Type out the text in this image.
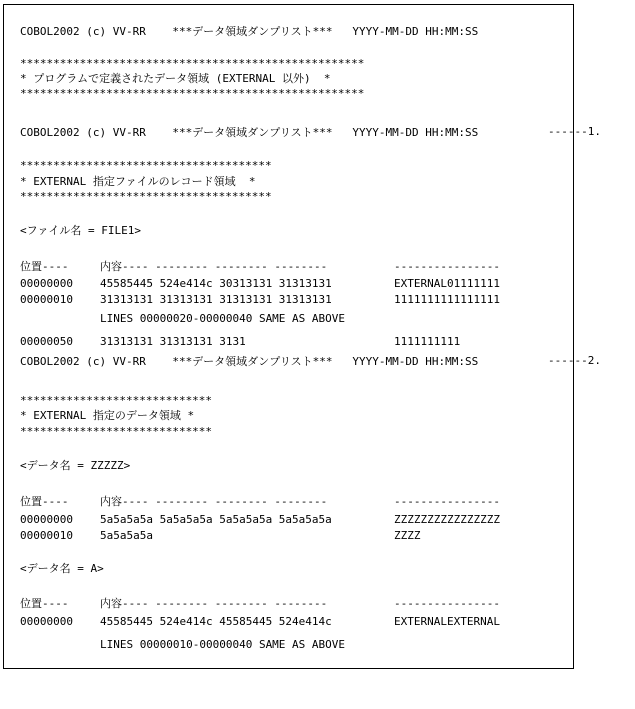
COBOL2002 (c) VV-RR    ***データ領域ダンプリスト***   YYYY-MM-DD HH:MM:SS
****************************************************
* プログラムで定義されたデータ領域 (EXTERNAL 以外)  *
****************************************************
COBOL2002 (c) VV-RR    ***データ領域ダンプリスト***   YYYY-MM-DD HH:MM:SS
**************************************
* EXTERNAL 指定ファイルのレコード領域  *
**************************************
<ファイル名 = FILE1>
位置----	内容---- -------- -------- --------	----------------
00000000 45585445 524e414c 30313131 31313131	EXTERNAL01111111
00000010 31313131 31313131 31313131 31313131	1111111111111111
LINES 00000020-00000040 SAME AS ABOVE
00000050 31313131 31313131 3131	1111111111
COBOL2002 (c) VV-RR    ***データ領域ダンプリスト***   YYYY-MM-DD HH:MM:SS
*****************************
* EXTERNAL 指定のデータ領域 *
*****************************
<データ名 = ZZZZZ>
位置----	内容---- -------- -------- --------	----------------
00000000 5a5a5a5a 5a5a5a5a 5a5a5a5a 5a5a5a5a	ZZZZZZZZZZZZZZZZ
00000010 5a5a5a5a	ZZZZ
<データ名 = A>
位置----	内容---- -------- -------- --------	----------------
00000000 45585445 524e414c 45585445 524e414c	EXTERNALEXTERNAL
LINES 00000010-00000040 SAME AS ABOVE
------1.
------2.
